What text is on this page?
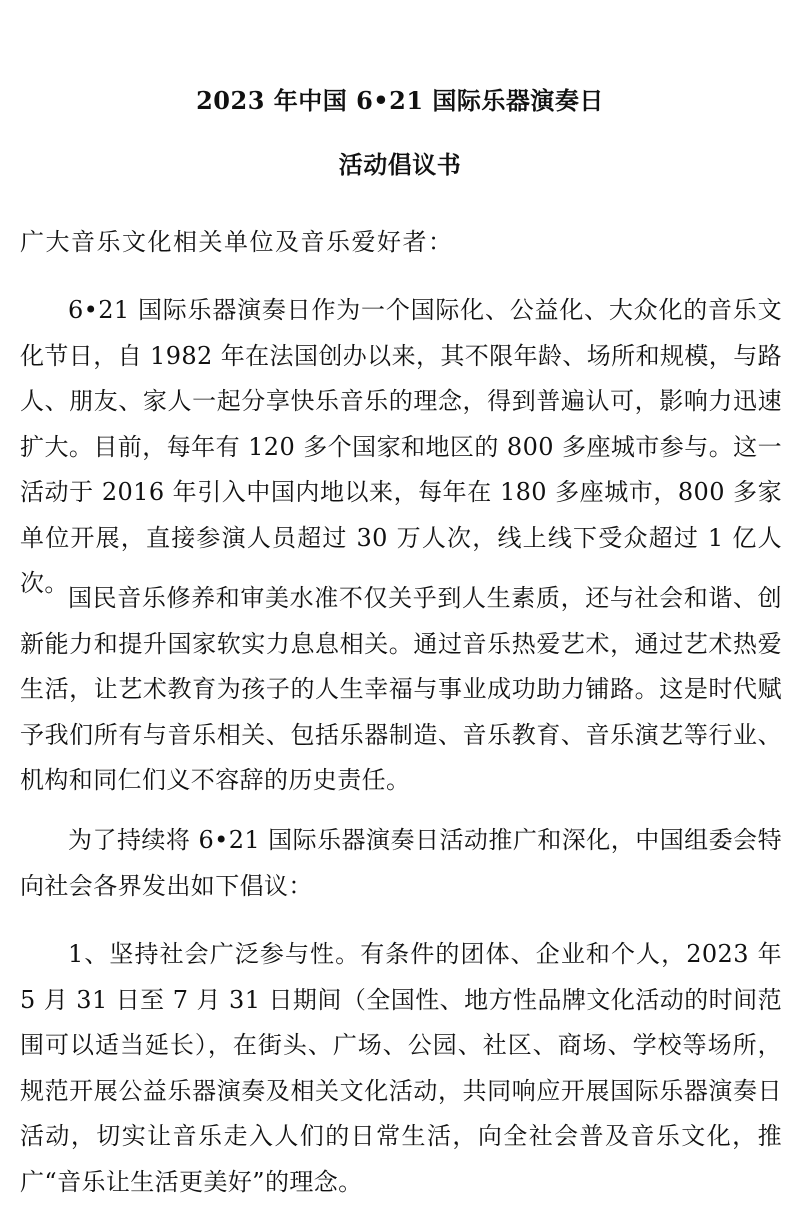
2023 年中国 6•21 国际乐器演奏日
活动倡议书

广大音乐文化相关单位及音乐爱好者：

6•21 国际乐器演奏日作为一个国际化、公益化、大众化的音乐文化节日，自 1982 年在法国创办以来，其不限年龄、场所和规模，与路人、朋友、家人一起分享快乐音乐的理念，得到普遍认可，影响力迅速扩大。目前，每年有 120 多个国家和地区的 800 多座城市参与。这一活动于 2016 年引入中国内地以来，每年在 180 多座城市，800 多家单位开展，直接参演人员超过 30 万人次，线上线下受众超过 1 亿人次。

国民音乐修养和审美水准不仅关乎到人生素质，还与社会和谐、创新能力和提升国家软实力息息相关。通过音乐热爱艺术，通过艺术热爱生活，让艺术教育为孩子的人生幸福与事业成功助力铺路。这是时代赋予我们所有与音乐相关、包括乐器制造、音乐教育、音乐演艺等行业、机构和同仁们义不容辞的历史责任。

为了持续将 6•21 国际乐器演奏日活动推广和深化，中国组委会特向社会各界发出如下倡议：

1、坚持社会广泛参与性。有条件的团体、企业和个人，2023 年 5 月 31 日至 7 月 31 日期间（全国性、地方性品牌文化活动的时间范围可以适当延长），在街头、广场、公园、社区、商场、学校等场所，规范开展公益乐器演奏及相关文化活动，共同响应开展国际乐器演奏日活动，切实让音乐走入人们的日常生活，向全社会普及音乐文化，推广“音乐让生活更美好”的理念。
